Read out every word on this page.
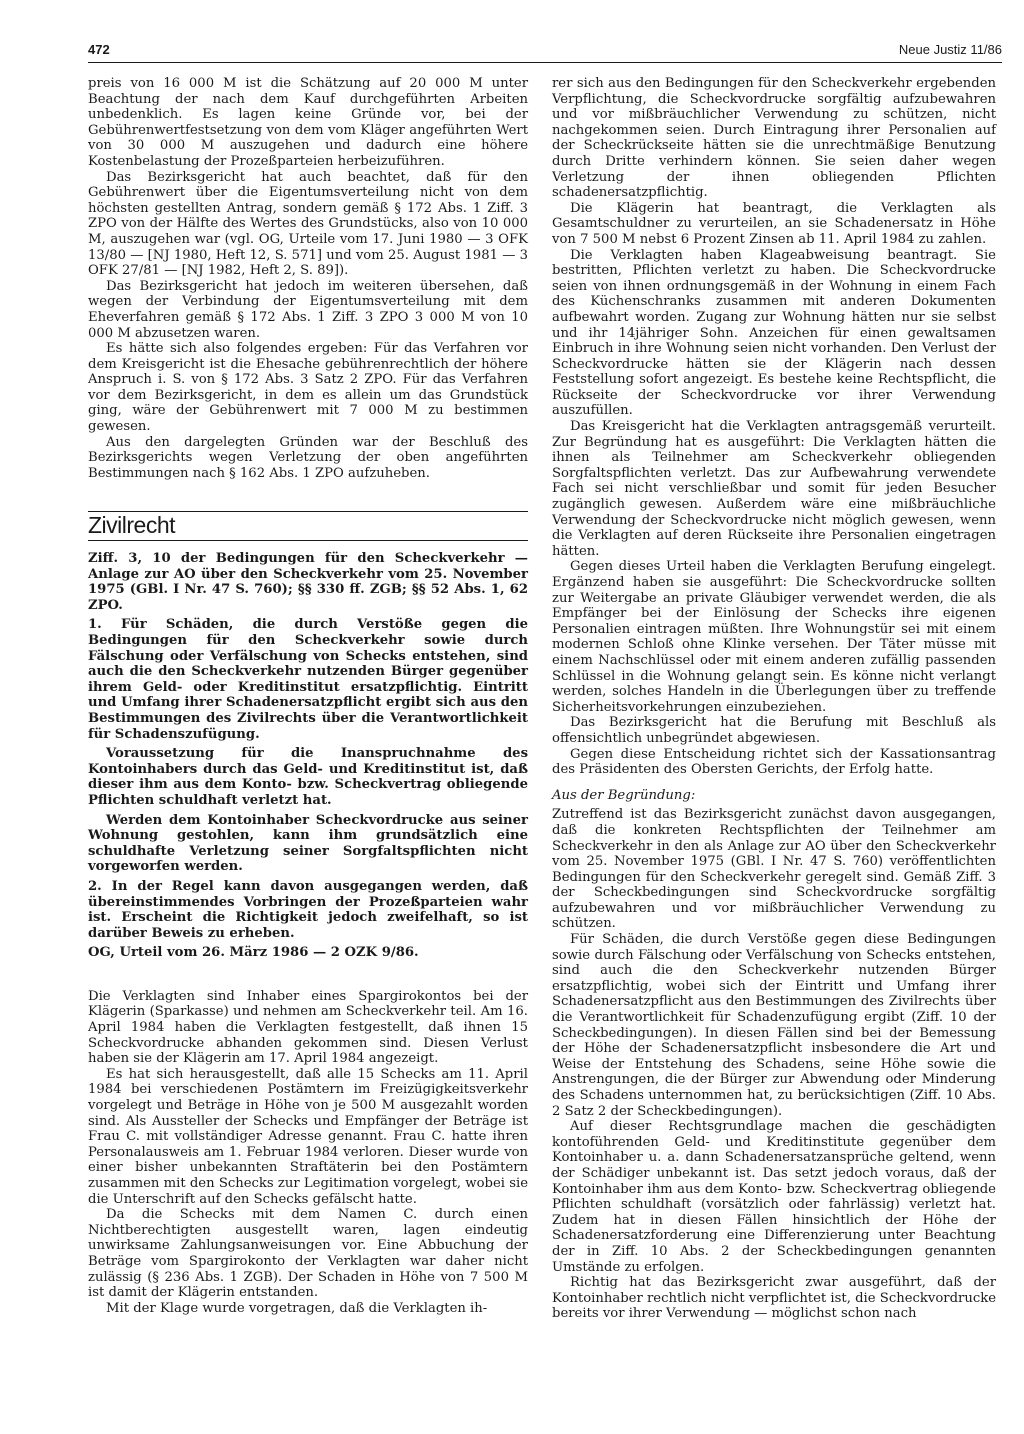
472	Neue Justiz 11/86

preis von 16 000 M ist die Schätzung auf 20 000 M unter Beachtung der nach dem Kauf durchgeführten Arbeiten unbedenklich. Es lagen keine Gründe vor, bei der Gebührenwertfestsetzung von dem vom Kläger angeführten Wert von 30 000 M auszugehen und dadurch eine höhere Kostenbelastung der Prozeßparteien herbeizuführen.

Das Bezirksgericht hat auch beachtet, daß für den Gebührenwert über die Eigentumsverteilung nicht von dem höchsten gestellten Antrag, sondern gemäß § 172 Abs. 1 Ziff. 3 ZPO von der Hälfte des Wertes des Grundstücks, also von 10 000 M, auszugehen war (vgl. OG, Urteile vom 17. Juni 1980 — 3 OFK 13/80 — [NJ 1980, Heft 12, S. 571] und vom 25. August 1981 — 3 OFK 27/81 — [NJ 1982, Heft 2, S. 89]).

Das Bezirksgericht hat jedoch im weiteren übersehen, daß wegen der Verbindung der Eigentumsverteilung mit dem Eheverfahren gemäß § 172 Abs. 1 Ziff. 3 ZPO 3 000 M von 10 000 M abzusetzen waren.

Es hätte sich also folgendes ergeben: Für das Verfahren vor dem Kreisgericht ist die Ehesache gebührenrechtlich der höhere Anspruch i. S. von § 172 Abs. 3 Satz 2 ZPO. Für das Verfahren vor dem Bezirksgericht, in dem es allein um das Grundstück ging, wäre der Gebührenwert mit 7 000 M zu bestimmen gewesen.

Aus den dargelegten Gründen war der Beschluß des Bezirksgerichts wegen Verletzung der oben angeführten Bestimmungen nach § 162 Abs. 1 ZPO aufzuheben.

Zivilrecht

Ziff. 3, 10 der Bedingungen für den Scheckverkehr — Anlage zur AO über den Scheckverkehr vom 25. November 1975 (GBl. I Nr. 47 S. 760); §§ 330 ff. ZGB; §§ 52 Abs. 1, 62 ZPO.

1. Für Schäden, die durch Verstöße gegen die Bedingungen für den Scheckverkehr sowie durch Fälschung oder Verfälschung von Schecks entstehen, sind auch die den Scheckverkehr nutzenden Bürger gegenüber ihrem Geld- oder Kreditinstitut ersatzpflichtig. Eintritt und Umfang ihrer Schadenersatzpflicht ergibt sich aus den Bestimmungen des Zivilrechts über die Verantwortlichkeit für Schadenszufügung.

Voraussetzung für die Inanspruchnahme des Kontoinhabers durch das Geld- und Kreditinstitut ist, daß dieser ihm aus dem Konto- bzw. Scheckvertrag obliegende Pflichten schuldhaft verletzt hat.

Werden dem Kontoinhaber Scheckvordrucke aus seiner Wohnung gestohlen, kann ihm grundsätzlich eine schuldhafte Verletzung seiner Sorgfaltspflichten nicht vorgeworfen werden.

2. In der Regel kann davon ausgegangen werden, daß übereinstimmendes Vorbringen der Prozeßparteien wahr ist. Erscheint die Richtigkeit jedoch zweifelhaft, so ist darüber Beweis zu erheben.

OG, Urteil vom 26. März 1986 — 2 OZK 9/86.

Die Verklagten sind Inhaber eines Spargirokontos bei der Klägerin (Sparkasse) und nehmen am Scheckverkehr teil. Am 16. April 1984 haben die Verklagten festgestellt, daß ihnen 15 Scheckvordrucke abhanden gekommen sind. Diesen Verlust haben sie der Klägerin am 17. April 1984 angezeigt.

Es hat sich herausgestellt, daß alle 15 Schecks am 11. April 1984 bei verschiedenen Postämtern im Freizügigkeitsverkehr vorgelegt und Beträge in Höhe von je 500 M ausgezahlt worden sind. Als Aussteller der Schecks und Empfänger der Beträge ist Frau C. mit vollständiger Adresse genannt. Frau C. hatte ihren Personalausweis am 1. Februar 1984 verloren. Dieser wurde von einer bisher unbekannten Straftäterin bei den Postämtern zusammen mit den Schecks zur Legitimation vorgelegt, wobei sie die Unterschrift auf den Schecks gefälscht hatte.

Da die Schecks mit dem Namen C. durch einen Nichtberechtigten ausgestellt waren, lagen eindeutig unwirksame Zahlungsanweisungen vor. Eine Abbuchung der Beträge vom Spargirokonto der Verklagten war daher nicht zulässig (§ 236 Abs. 1 ZGB). Der Schaden in Höhe von 7 500 M ist damit der Klägerin entstanden.

Mit der Klage wurde vorgetragen, daß die Verklagten ih-

rer sich aus den Bedingungen für den Scheckverkehr ergebenden Verpflichtung, die Scheckvordrucke sorgfältig aufzubewahren und vor mißbräuchlicher Verwendung zu schützen, nicht nachgekommen seien. Durch Eintragung ihrer Personalien auf der Scheckrückseite hätten sie die unrechtmäßige Benutzung durch Dritte verhindern können. Sie seien daher wegen Verletzung der ihnen obliegenden Pflichten schadenersatzpflichtig.

Die Klägerin hat beantragt, die Verklagten als Gesamtschuldner zu verurteilen, an sie Schadenersatz in Höhe von 7 500 M nebst 6 Prozent Zinsen ab 11. April 1984 zu zahlen.

Die Verklagten haben Klageabweisung beantragt. Sie bestritten, Pflichten verletzt zu haben. Die Scheckvordrucke seien von ihnen ordnungsgemäß in der Wohnung in einem Fach des Küchenschranks zusammen mit anderen Dokumenten aufbewahrt worden. Zugang zur Wohnung hätten nur sie selbst und ihr 14jähriger Sohn. Anzeichen für einen gewaltsamen Einbruch in ihre Wohnung seien nicht vorhanden. Den Verlust der Scheckvordrucke hätten sie der Klägerin nach dessen Feststellung sofort angezeigt. Es bestehe keine Rechtspflicht, die Rückseite der Scheckvordrucke vor ihrer Verwendung auszufüllen.

Das Kreisgericht hat die Verklagten antragsgemäß verurteilt. Zur Begründung hat es ausgeführt: Die Verklagten hätten die ihnen als Teilnehmer am Scheckverkehr obliegenden Sorgfaltspflichten verletzt. Das zur Aufbewahrung verwendete Fach sei nicht verschließbar und somit für jeden Besucher zugänglich gewesen. Außerdem wäre eine mißbräuchliche Verwendung der Scheckvordrucke nicht möglich gewesen, wenn die Verklagten auf deren Rückseite ihre Personalien eingetragen hätten.

Gegen dieses Urteil haben die Verklagten Berufung eingelegt. Ergänzend haben sie ausgeführt: Die Scheckvordrucke sollten zur Weitergabe an private Gläubiger verwendet werden, die als Empfänger bei der Einlösung der Schecks ihre eigenen Personalien eintragen müßten. Ihre Wohnungstür sei mit einem modernen Schloß ohne Klinke versehen. Der Täter müsse mit einem Nachschlüssel oder mit einem anderen zufällig passenden Schlüssel in die Wohnung gelangt sein. Es könne nicht verlangt werden, solches Handeln in die Überlegungen über zu treffende Sicherheitsvorkehrungen einzubeziehen.

Das Bezirksgericht hat die Berufung mit Beschluß als offensichtlich unbegründet abgewiesen.

Gegen diese Entscheidung richtet sich der Kassationsantrag des Präsidenten des Obersten Gerichts, der Erfolg hatte.

Aus der Begründung:

Zutreffend ist das Bezirksgericht zunächst davon ausgegangen, daß die konkreten Rechtspflichten der Teilnehmer am Scheckverkehr in den als Anlage zur AO über den Scheckverkehr vom 25. November 1975 (GBl. I Nr. 47 S. 760) veröffentlichten Bedingungen für den Scheckverkehr geregelt sind. Gemäß Ziff. 3 der Scheckbedingungen sind Scheckvordrucke sorgfältig aufzubewahren und vor mißbräuchlicher Verwendung zu schützen.

Für Schäden, die durch Verstöße gegen diese Bedingungen sowie durch Fälschung oder Verfälschung von Schecks entstehen, sind auch die den Scheckverkehr nutzenden Bürger ersatzpflichtig, wobei sich der Eintritt und Umfang ihrer Schadenersatzpflicht aus den Bestimmungen des Zivilrechts über die Verantwortlichkeit für Schadenzufügung ergibt (Ziff. 10 der Scheckbedingungen). In diesen Fällen sind bei der Bemessung der Höhe der Schadenersatzpflicht insbesondere die Art und Weise der Entstehung des Schadens, seine Höhe sowie die Anstrengungen, die der Bürger zur Abwendung oder Minderung des Schadens unternommen hat, zu berücksichtigen (Ziff. 10 Abs. 2 Satz 2 der Scheckbedingungen).

Auf dieser Rechtsgrundlage machen die geschädigten kontoführenden Geld- und Kreditinstitute gegenüber dem Kontoinhaber u. a. dann Schadenersatzansprüche geltend, wenn der Schädiger unbekannt ist. Das setzt jedoch voraus, daß der Kontoinhaber ihm aus dem Konto- bzw. Scheckvertrag obliegende Pflichten schuldhaft (vorsätzlich oder fahrlässig) verletzt hat. Zudem hat in diesen Fällen hinsichtlich der Höhe der Schadenersatzforderung eine Differenzierung unter Beachtung der in Ziff. 10 Abs. 2 der Scheckbedingungen genannten Umstände zu erfolgen.

Richtig hat das Bezirksgericht zwar ausgeführt, daß der Kontoinhaber rechtlich nicht verpflichtet ist, die Scheckvordrucke bereits vor ihrer Verwendung — möglichst schon nach
